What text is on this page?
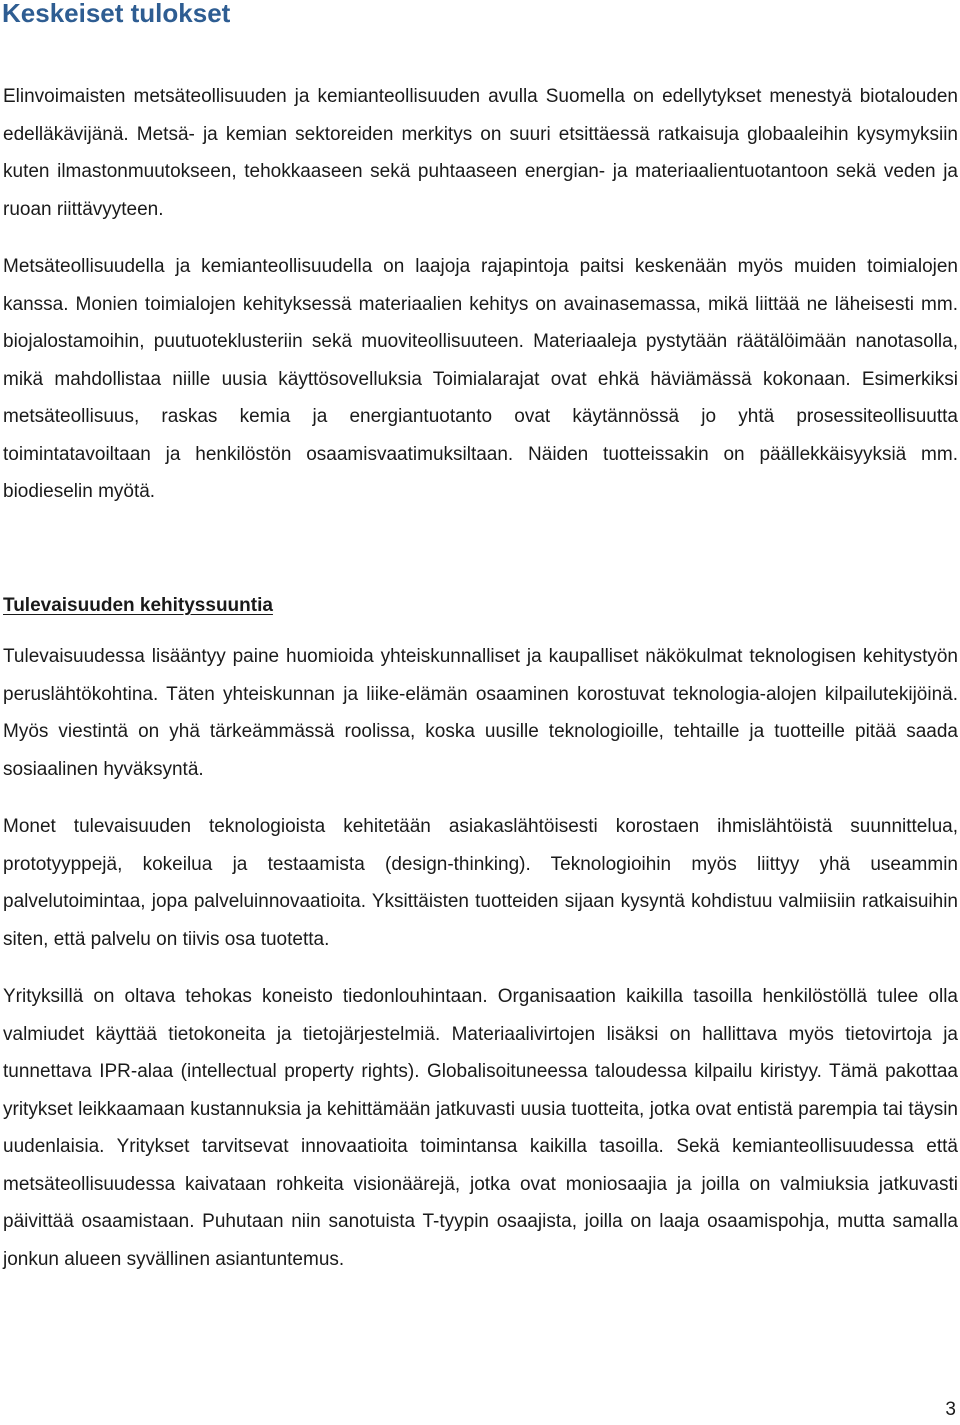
Keskeiset tulokset

Elinvoimaisten metsäteollisuuden ja kemianteollisuuden avulla Suomella on edellytykset menestyä biotalouden edelläkävijänä. Metsä- ja kemian sektoreiden merkitys on suuri etsittäessä ratkaisuja globaaleihin kysymyksiin kuten ilmastonmuutokseen, tehokkaaseen sekä puhtaaseen energian- ja materiaalientuotantoon sekä veden ja ruoan riittävyyteen.

Metsäteollisuudella ja kemianteollisuudella on laajoja rajapintoja paitsi keskenään myös muiden toimialojen kanssa. Monien toimialojen kehityksessä materiaalien kehitys on avainasemassa, mikä liittää ne läheisesti mm. biojalostamoihin, puutuoteklusteriin sekä muoviteollisuuteen. Materiaaleja pystytään räätälöimään nanotasolla, mikä mahdollistaa niille uusia käyttösovelluksia Toimialarajat ovat ehkä häviämässä kokonaan. Esimerkiksi metsäteollisuus, raskas kemia ja energiantuotanto ovat käytännössä jo yhtä prosessiteollisuutta toimintatavoiltaan ja henkilöstön osaamisvaatimuksiltaan. Näiden tuotteissakin on päällekkäisyyksiä mm. biodieselin myötä.

Tulevaisuuden kehityssuuntia

Tulevaisuudessa lisääntyy paine huomioida yhteiskunnalliset ja kaupalliset näkökulmat teknologisen kehitystyön peruslähtökohtina. Täten yhteiskunnan ja liike-elämän osaaminen korostuvat teknologia-alojen kilpailutekijöinä. Myös viestintä on yhä tärkeämmässä roolissa, koska uusille teknologioille, tehtaille ja tuotteille pitää saada sosiaalinen hyväksyntä.

Monet tulevaisuuden teknologioista kehitetään asiakaslähtöisesti korostaen ihmislähtöistä suunnittelua, prototyyppejä, kokeilua ja testaamista (design-thinking). Teknologioihin myös liittyy yhä useammin palvelutoimintaa, jopa palveluinnovaatioita. Yksittäisten tuotteiden sijaan kysyntä kohdistuu valmiisiin ratkaisuihin siten, että palvelu on tiivis osa tuotetta.

Yrityksillä on oltava tehokas koneisto tiedonlouhintaan. Organisaation kaikilla tasoilla henkilöstöllä tulee olla valmiudet käyttää tietokoneita ja tietojärjestelmiä. Materiaalivirtojen lisäksi on hallittava myös tietovirtoja ja tunnettava IPR-alaa (intellectual property rights). Globalisoituneessa taloudessa kilpailu kiristyy. Tämä pakottaa yritykset leikkaamaan kustannuksia ja kehittämään jatkuvasti uusia tuotteita, jotka ovat entistä parempia tai täysin uudenlaisia. Yritykset tarvitsevat innovaatioita toimintansa kaikilla tasoilla. Sekä kemianteollisuudessa että metsäteollisuudessa kaivataan rohkeita visionäärejä, jotka ovat moniosaajia ja joilla on valmiuksia jatkuvasti päivittää osaamistaan. Puhutaan niin sanotuista T-tyypin osaajista, joilla on laaja osaamispohja, mutta samalla jonkun alueen syvällinen asiantuntemus.

3
